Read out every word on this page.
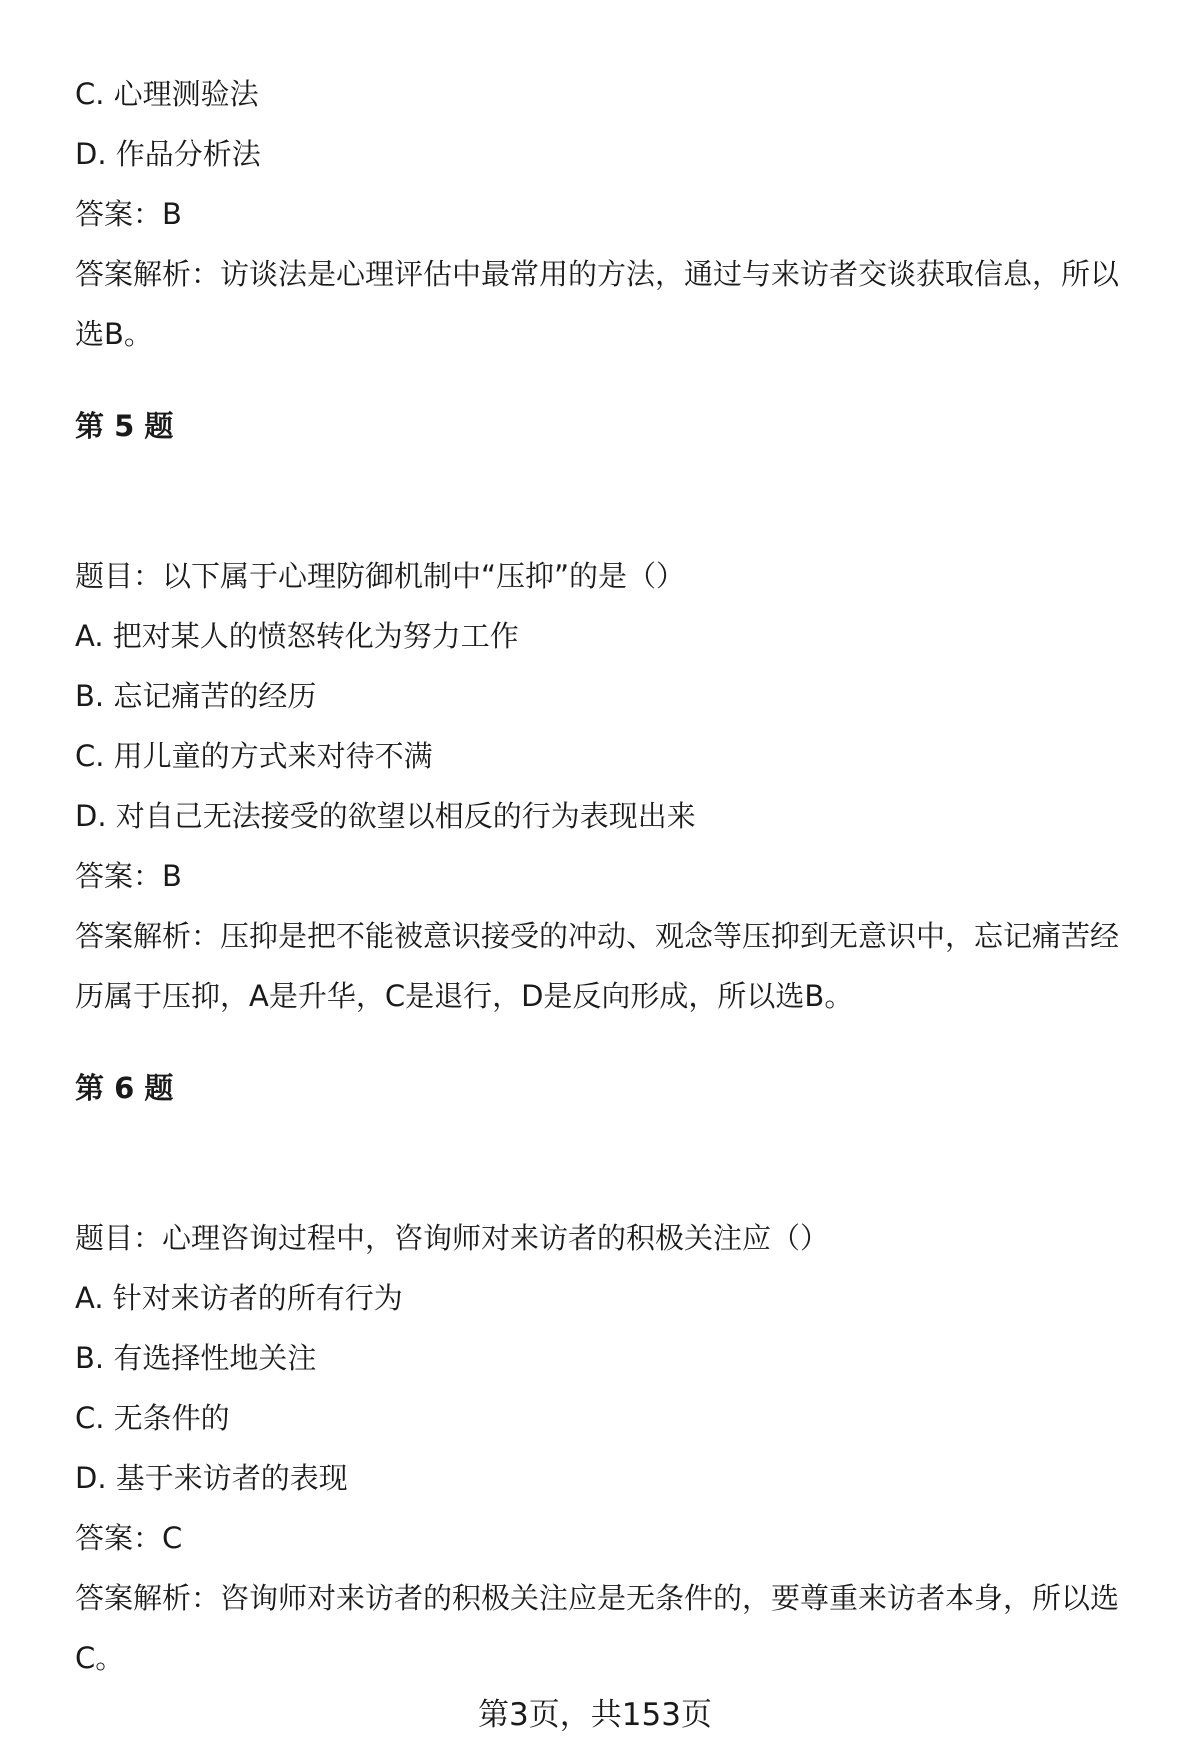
C. 心理测验法
D. 作品分析法
答案：B
答案解析：访谈法是心理评估中最常用的方法，通过与来访者交谈获取信息，所以选B。
第 5 题
题目：以下属于心理防御机制中“压抑”的是（）
A. 把对某人的愤怒转化为努力工作
B. 忘记痛苦的经历
C. 用儿童的方式来对待不满
D. 对自己无法接受的欲望以相反的行为表现出来
答案：B
答案解析：压抑是把不能被意识接受的冲动、观念等压抑到无意识中，忘记痛苦经历属于压抑，A是升华，C是退行，D是反向形成，所以选B。
第 6 题
题目：心理咨询过程中，咨询师对来访者的积极关注应（）
A. 针对来访者的所有行为
B. 有选择性地关注
C. 无条件的
D. 基于来访者的表现
答案：C
答案解析：咨询师对来访者的积极关注应是无条件的，要尊重来访者本身，所以选C。
第3页，共153页
